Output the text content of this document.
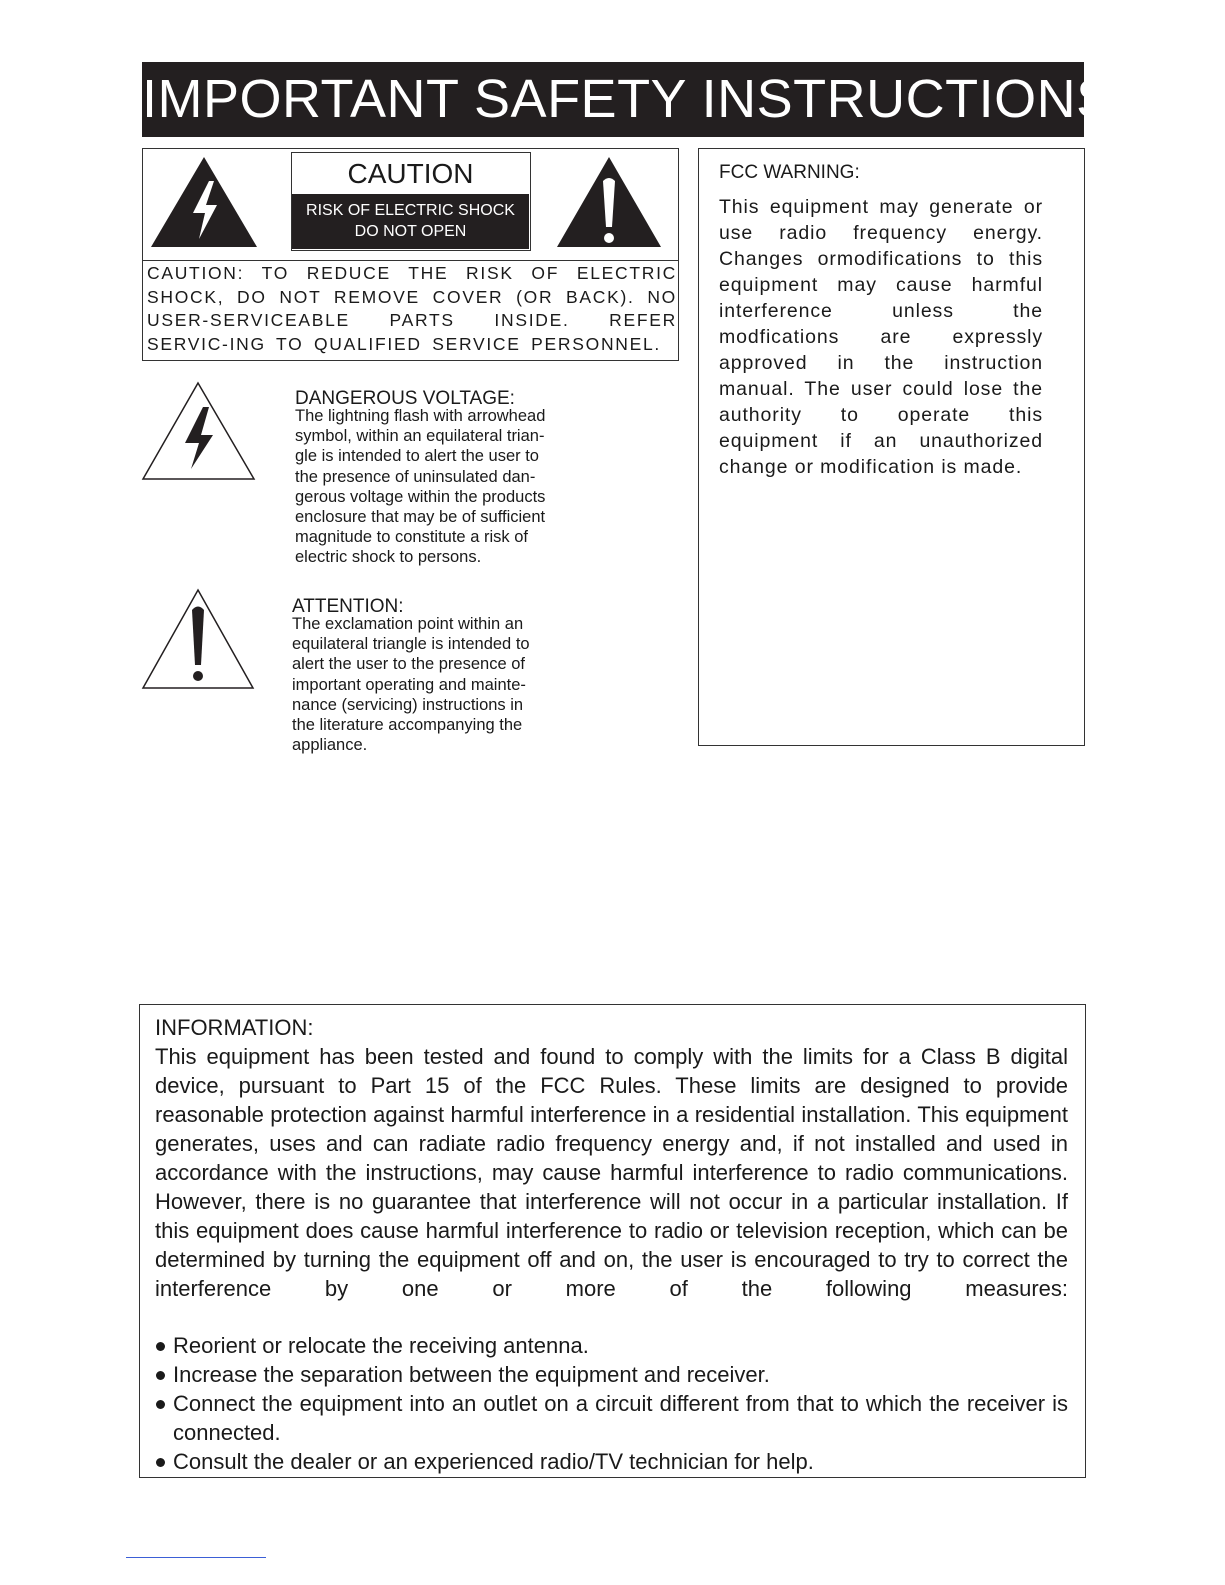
IMPORTANT SAFETY INSTRUCTIONS
CAUTION
RISK OF ELECTRIC SHOCK
DO NOT OPEN
CAUTION: TO REDUCE THE RISK OF ELECTRIC SHOCK, DO NOT REMOVE COVER (OR BACK). NO USER-SERVICEABLE PARTS INSIDE. REFER SERVIC-ING TO QUALIFIED SERVICE PERSONNEL.
DANGEROUS VOLTAGE:
The lightning flash with arrowhead
symbol, within an equilateral trian-
gle is intended to alert the user to
the presence of uninsulated dan-
gerous voltage within the products
enclosure that may be of sufficient
magnitude to constitute a risk of
electric shock to persons.
ATTENTION:
The exclamation point within an
equilateral triangle is intended to
alert the user to the presence of
important operating and mainte-
nance (servicing) instructions in
the literature accompanying the
appliance.
FCC WARNING:
This equipment may generate or use radio frequency energy. Changes ormodifications to this equipment may cause harmful interference unless the modfications are expressly approved in the instruction manual. The user could lose the authority to operate this equipment if an unauthorized change or modification is made.
INFORMATION:
This equipment has been tested and found to comply with the limits for a Class B digital device, pursuant to Part 15 of the FCC Rules. These limits are designed to provide reasonable protection against harmful interference in a residential installation. This equipment generates, uses and can radiate radio frequency energy and, if not installed and used in accordance with the instructions, may cause harmful interference to radio communications. However, there is no guarantee that interference will not occur in a particular installation. If this equipment does cause harmful interference to radio or television reception, which can be determined by turning the equipment off and on, the user is encouraged to try to correct the interference by one or more of the following measures:
Reorient or relocate the receiving antenna.
Increase the separation between the equipment and receiver.
Connect the equipment into an outlet on a circuit different from that to which the receiver is connected.
Consult the dealer or an experienced radio/TV technician for help.
